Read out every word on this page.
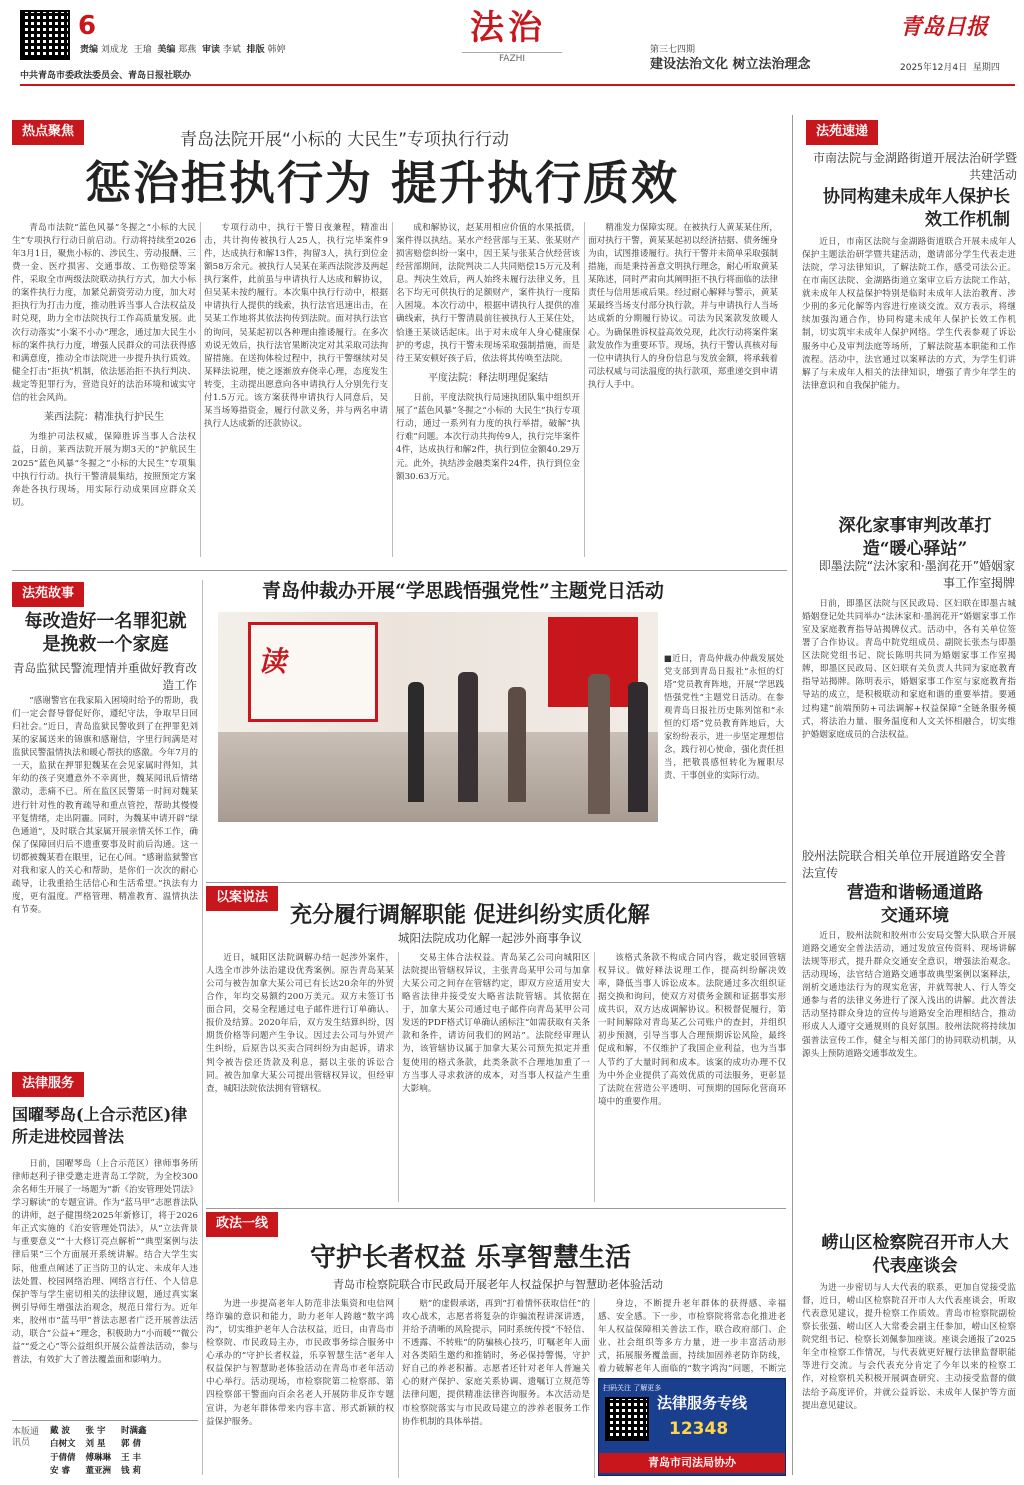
6
责编 刘成龙 王瑜 美编 郑燕 审读 李斌 排版 韩婷
中共青岛市委政法委员会、青岛日报社联办
法治
FAZHI
青岛日报
第三七四期
建设法治文化 树立法治理念	2025年12月4日 星期四
热点聚焦	青岛法院开展“小标的 大民生”专项执行行动
惩治拒执行为 提升执行质效

青岛市法院“蓝色风暴”冬握之“小标的大民生”专项执行行动日前启动。行动将持续至2026年3月1日，聚焦小标的、涉民生、劳动报酬、三费一金、医疗损害、交通事故、工伤赔偿等案件，采取全市两级法院联动执行方式，加大小标的案件执行力度，加紧兑薪资劳动力度，加大对拒执行为打击力度，推动胜诉当事人合法权益及时兑现，助力全市法院执行工作高质量发展。此次行动落实“小案不小办”理念，通过加大民生小标的案件执行力度，增强人民群众的司法获得感和满意度，推动全市法院进一步提升执行质效。健全打击“拒执”机制，依法惩治拒不执行判决、裁定等犯罪行为，营造良好的法治环境和诚实守信的社会风尚。

莱西法院：精准执行护民生

为维护司法权威，保障胜诉当事人合法权益，日前，莱西法院开展为期3天的“护航民生2025”蓝色风暴“冬握之”小标的大民生”专项集中执行行动。执行干警清晨集结，按照预定方案奔赴各执行现场，用实际行动成果回应群众关切。

专项行动中，执行干警日夜兼程，精准出击，共计拘传被执行人25人，执行完毕案件9件，达成执行和解13件，拘留3人，执行到位金额58万余元。被执行人吴某在莱西法院涉及两起执行案件，此前虽与申请执行人达成和解协议，但吴某未按约履行。本次集中执行行动中，根据申请执行人提供的线索，执行法官迅速出击，在吴某工作地将其依法拘传到法院。面对执行法官的询问，吴某起初以各种理由推诿履行。在多次劝说无效后，执行法官果断决定对其采取司法拘留措施。在送拘体检过程中，执行干警继续对吴某释法说理，使之逐渐放弃侥幸心理，态度发生转变，主动提出愿意向各申请执行人分别先行支付1.5万元。该方案获得申请执行人同意后，吴某当场筹措资金，履行付款义务，并与两名申请执行人达成新的还款协议。

成和解协议，赵某用相应价值的水果抵债，案件得以执结。某水产经营部与王某、张某财产损害赔偿纠纷一案中，因王某与张某合伙经营该经营部期间，法院判决二人共同赔偿15万元及利息。判决生效后，两人始终未履行法律义务，且名下均无可供执行的足额财产，案件执行一度陷入困境。本次行动中，根据申请执行人提供的准确线索，执行干警清晨前往被执行人王某住处，恰逢王某谈话起床。出于对未成年人身心健康保护的考虑，执行干警未现场采取强制措施，而是待王某安顿好孩子后，依法将其传唤至法院。

平度法院：释法明理促案结

日前，平度法院执行局速执团队集中组织开展了“蓝色风暴”冬握之“小标的 大民生”执行专项行动，通过一系列有力度的执行举措，破解“执行难”问题。本次行动共拘传9人，执行完毕案件4件，达成执行和解2件，执行到位金额40.29万元。此外，执结涉金融类案件24件，执行到位金额30.63万元。

精准发力保障实现。在被执行人黄某某住所，面对执行干警，黄某某起初以经济拮据、债务缠身为由，试图推诿履行。执行干警并未简单采取强制措施，而是秉持善意文明执行理念，耐心听取黄某某陈述，同时严肃向其阐明拒不执行将面临的法律责任与信用惩戒后果。经过耐心解释与警示，黄某某最终当场支付部分执行款，并与申请执行人当场达成新的分期履行协议。司法为民案款发放暖人心。为确保胜诉权益高效兑现，此次行动将案件案款发放作为重要环节。现场，执行干警认真核对每一位申请执行人的身份信息与发放金额，将承载着司法权威与司法温度的执行款项，郑重递交到申请执行人手中。

法苑速递
市南法院与金湖路街道开展法治研学暨共建活动
协同构建未成年人保护长效工作机制

近日，市南区法院与金湖路街道联合开展未成年人保护主题法治研学暨共建活动，邀请部分学生代表走进法院，学习法律知识，了解法院工作，感受司法公正。在市南区法院、金湖路街道立案审立后方法院工作站，就未成年人权益保护特别是临时未成年人法治教育、涉少刑的多元化解等内容进行座谈交流。双方表示，将继续加强沟通合作，协同构建未成年人保护长效工作机制，切实筑牢未成年人保护网络。学生代表参观了诉讼服务中心及审判法庭等场所，了解法院基本职能和工作流程。活动中，法官通过以案释法的方式，为学生们讲解了与未成年人相关的法律知识，增强了青少年学生的法律意识和自我保护能力。

深化家事审判改革打造“暖心驿站”
即墨法院“法沐家和·墨润花开”婚姻家事工作室揭牌

日前，即墨区法院与区民政局、区妇联在即墨古城婚姻登记处共同举办“法沐家和·墨润花开”婚姻家事工作室及家庭教育指导站揭牌仪式。活动中，各有关单位签署了合作协议。青岛中院党组成员、副院长张杰与即墨区法院党组书记、院长陈明共同为婚姻家事工作室揭牌，即墨区民政局、区妇联有关负责人共同为家庭教育指导站揭牌。陈明表示，婚姻家事工作室与家庭教育指导站的成立，是积极联动和家庭和谐的重要举措。要通过构建“前端预防+司法调解+权益保障”全链条服务模式，将法治力量、服务温度和人文关怀相融合，切实维护婚姻家庭成员的合法权益。

胶州法院联合相关单位开展道路安全普法宣传
营造和谐畅通道路交通环境

近日，胶州法院和胶州市公安局交警大队联合开展道路交通安全普法活动，通过发放宣传资料、现场讲解法规等形式，提升群众交通安全意识，增强法治观念。活动现场，法官结合道路交通事故典型案例以案释法，剖析交通违法行为的现实危害，并就驾驶人、行人等交通参与者的法律义务进行了深入浅出的讲解。此次普法活动坚持群众身边的宣传与道路安全治理相结合，推动形成人人遵守交通规则的良好氛围。胶州法院将持续加强普法宣传工作，健全与相关部门的协同联动机制，从源头上预防道路交通事故发生。

崂山区检察院召开市人大代表座谈会

为进一步密切与人大代表的联系，更加自觉接受监督，近日，崂山区检察院召开市人大代表座谈会，听取代表意见建议，提升检察工作质效。青岛市检察院副检察长张强、崂山区人大常委会副主任参加，崂山区检察院党组书记、检察长刘佩参加座谈。座谈会通报了2025年全市检察工作情况，与代表就更好履行法律监督职能等进行交流。与会代表充分肯定了今年以来的检察工作，对检察机关积极开展调查研究、主动接受监督的做法给予高度评价，并就公益诉讼、未成年人保护等方面提出意见建议。

法苑故事
每改造好一名罪犯就是挽救一个家庭
青岛监狱民警流理情并重做好教育改造工作

“感谢警官在我家陷入困境时给予的帮助，我们一定会督导督促好你，遵纪守法，争取早日回归社会。”近日，青岛监狱民警收到了在押罪犯刘某的家属送来的锦旗和感谢信，字里行间满是对监狱民警温情执法和暖心帮扶的感激。今年7月的一天，监狱在押罪犯魏某在会见家属时得知，其年幼的孩子突遭意外不幸离世，魏某闻讯后情绪激动，悲痛不已。所在监区民警第一时间对魏某进行针对性的教育疏导和重点管控，帮助其慢慢平复情绪，走出阴霾。同时，为魏某申请开辟“绿色通道”，及时联合其家属开展亲情关怀工作，确保了保障回归后不遗重要事及时前后沟通。这一切都被魏某看在眼里，记在心间。“感谢监狱警官对我和家人的关心和帮助，是你们一次次的耐心疏导，让我重拾生活信心和生活希望。”执法有力度，更有温度。严格管理、精准教育、温情执法有节奏。

法律服务
国曜琴岛(上合示范区)律所走进校园普法

日前，国曜琴岛（上合示范区）律师事务所律师赵利子律受邀走进青岛工学院，为全校300余名师生开展了一场题为“新《治安管理处罚法》学习解读”的专题宣讲。作为“蓝马甲”志愿普法队的讲师，赵子健围绕2025年新修订，将于2026年正式实施的《治安管理处罚法》，从“立法背景与重要意义”“十大修订亮点解析”“典型案例与法律后果”三个方面展开系统讲解。结合大学生实际，他重点阐述了正当防卫的认定、未成年人违法处置、校园网络治理、网络言行任、个人信息保护等与学生密切相关的法律议题，通过真实案例引导师生增强法治观念，规范日常行为。近年来，胶州市“蓝马甲”普法志愿者广泛开展普法活动，联合“公益+”理念，积极助力“小而暖”“微公益”“爱之心”等公益组织开展公益普法活动，参与普法，有效扩大了普法覆盖面和影响力。

本版通讯员
戴 波	张 宇	时满鑫
白树文 刘 星	郭 倩
于倩倩 傅琳琳 王 丰
安 睿	董亚洲 钱 莉
青岛仲裁办开展“学思践悟强党性”主题党日活动
读	■近日，青岛仲裁办仲裁发展处党支部到青岛日报社“永恒的灯塔”党员教育阵地，开展“学思践悟强党性”主题党日活动。在参观青岛日报社历史陈列馆和“永恒的灯塔”党员教育阵地后，大家纷纷表示，进一步坚定理想信念，践行初心使命，强化责任担当，把敬畏感恒转化为履职尽责、干事创业的实际行动。

以案说法
充分履行调解职能 促进纠纷实质化解
城阳法院成功化解一起涉外商事争议

近日，城阳区法院调解办结一起涉外案件，人选全市涉外法治建设优秀案例。原告青岛某某公司与被告加拿大某公司已有长达20余年的外贸合作，年均交易额约200万美元。双方未签订书面合同，交易全程通过电子邮件进行订单确认、报价及结算。2020年后，双方发生结算纠纷，因期货价格等问题产生争议。因过去公司与外贸产生纠纷，后原告以买卖合同纠纷为由起诉，请求判令被告偿还货款及利息，据以主张的诉讼合同。被告加拿大某公司提出管辖权异议，但经审查，城阳法院依法拥有管辖权。

交易主体合法权益。青岛某乙公司向城阳区法院提出管辖权异议，主张青岛某甲公司与加拿大某公司之间存在管辖约定，即双方应适用安大略省法律并接受安大略省法院管辖。其依据在于，加拿大某公司通过电子邮件向青岛某甲公司发送的PDF格式订单确认函标注“如需获取有关条款和条件，请访问我们的网站”。法院经审理认为，该管辖协议属于加拿大某公司预先拟定并重复使用的格式条款，此类条款不合理地加重了一方当事人寻求救济的成本，对当事人权益产生重大影响。

该格式条款不构成合同内容，裁定驳回管辖权异议。做好释法说理工作，提高纠纷解决效率，降低当事人诉讼成本。法院通过多次组织证据交换和询问，使双方对债务金额和证据事实形成共识，双方达成调解协议。积极督促履行，第一时间解除对青岛某乙公司账户的查封，并组织初步预测，引导当事人合理预期诉讼风险，最终促成和解，不仅维护了我国企业利益，也为当事人节约了大量时间和成本。该案的成功办理不仅为中外企业提供了高效优质的司法服务，更彰显了法院在营造公平透明、可预期的国际化营商环境中的重要作用。

政法一线
守护长者权益 乐享智慧生活
青岛市检察院联合市民政局开展老年人权益保护与智慧助老体验活动

为进一步提高老年人防范非法集资和电信网络诈骗的意识和能力，助力老年人跨越“数字鸿沟”，切实维护老年人合法权益，近日，由青岛市检察院、市民政局主办，市民政事务综合服务中心承办的“守护长者权益，乐享智慧生活”老年人权益保护与智慧助老体验活动在青岛市老年活动中心举行。活动现场，市检察院第二检察部、第四检察部干警面向百余名老人开展防非反诈专题宣讲，为老年群体带来内容丰富、形式新颖的权益保护服务。

赔”的虚假承诺，再到“打着情怀获取信任”的攻心战术，志愿者将复杂的诈骗流程讲深讲透，并给予清晰的风险提示，同时系统传授“不轻信、不透露、不转账”的防骗核心技巧，叮嘱老年人面对各类陌生邀约和推销时，务必保持警惕，守护好自己的养老积蓄。志愿者还针对老年人普遍关心的财产保护、家庭关系协调、遗嘱订立规范等法律问题，提供精准法律咨询服务。本次活动是市检察院落实与市民政局建立的涉养老服务工作协作机制的具体举措。

身边，不断提升老年群体的获得感、幸福感、安全感。下一步，市检察院将常态化推进老年人权益保障相关普法工作，联合政府部门、企业、社会组织等多方力量，进一步丰富活动形式，拓展服务覆盖面，持续加固养老防诈防线，着力破解老年人面临的“数字鸿沟”问题，不断完

扫码关注 了解更多
法律服务专线
12348
青岛市司法局协办
